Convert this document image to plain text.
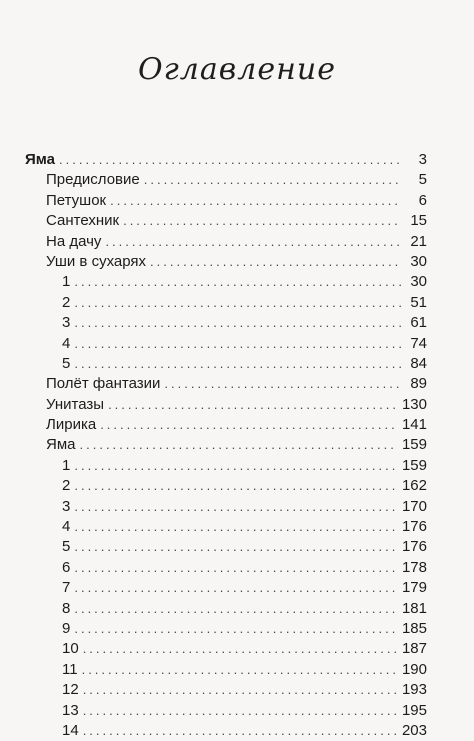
Оглавление
Яма .....	3
Предисловие .....	5
Петушок .....	6
Сантехник .....	15
На дачу .....	21
Уши в сухарях .....	30
1 .....	30
2 .....	51
3 .....	61
4 .....	74
5 .....	84
Полёт фантазии .....	89
Унитазы .....	130
Лирика .....	141
Яма .....	159
1 .....	159
2 .....	162
3 .....	170
4 .....	176
5 .....	176
6 .....	178
7 .....	179
8 .....	181
9 .....	185
10 .....	187
11 .....	190
12 .....	193
13 .....	195
14 .....	203
